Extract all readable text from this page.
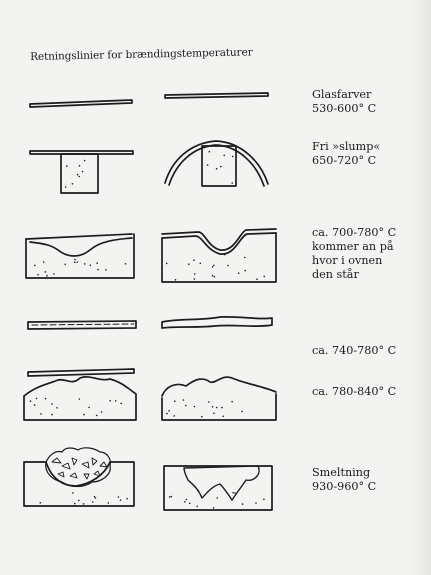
Retningslinier for brændingstemperaturer
Glasfarver
530-600° C
Fri »slump«
650-720° C
ca. 700-780° C
kommer an på
hvor i ovnen
den står
ca. 740-780° C
ca. 780-840° C
Smeltning
930-960° C
